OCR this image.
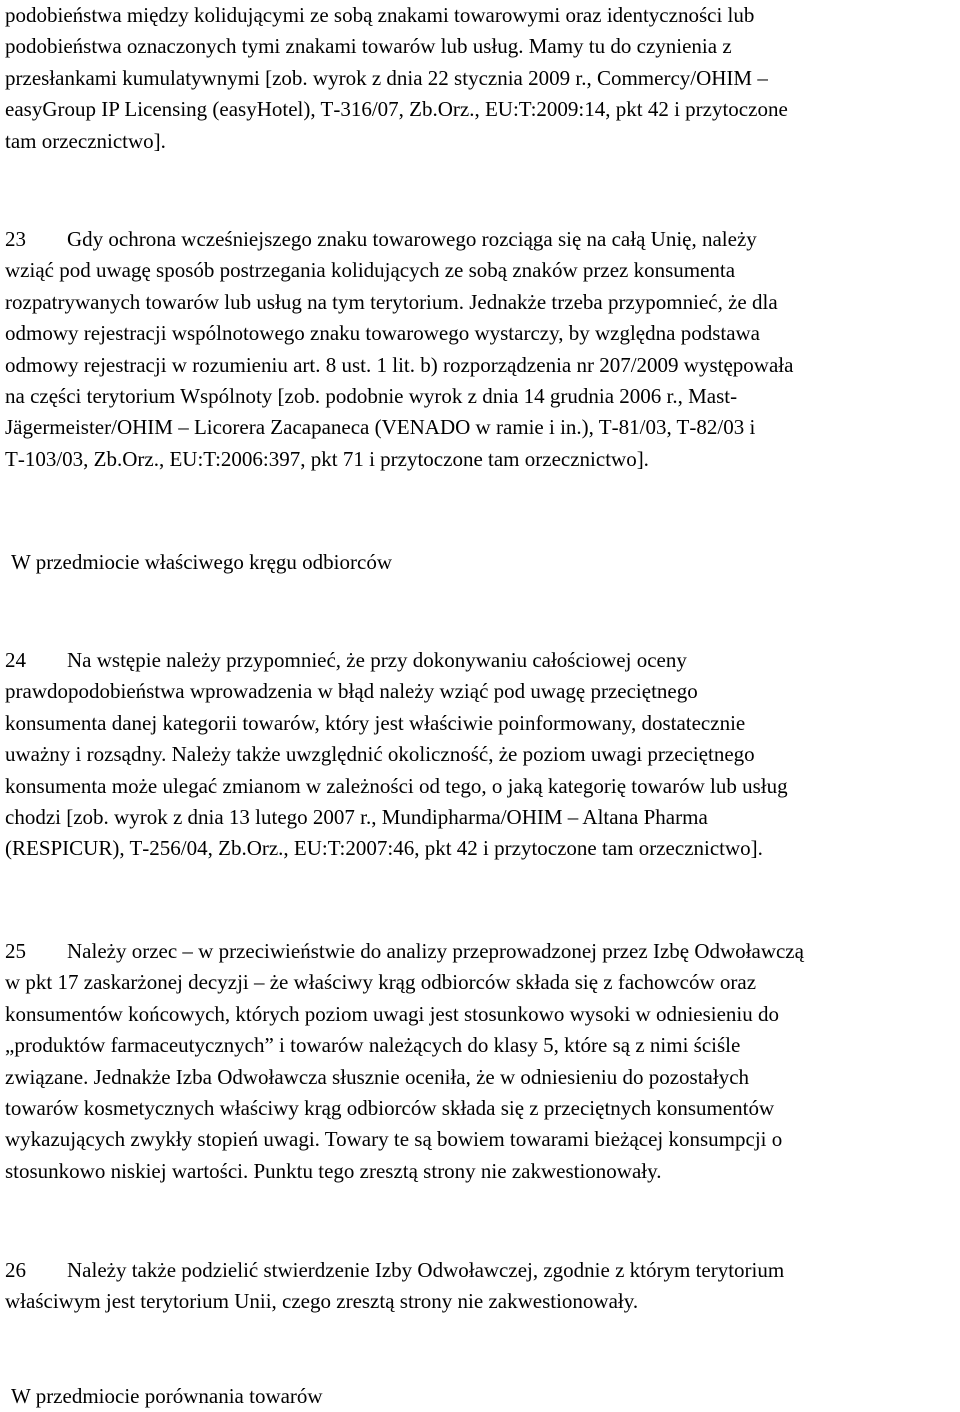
podobieństwa między kolidującymi ze sobą znakami towarowymi oraz identyczności lub
podobieństwa oznaczonych tymi znakami towarów lub usług. Mamy tu do czynienia z
przesłankami kumulatywnymi [zob. wyrok z dnia 22 stycznia 2009 r., Commercy/OHIM –
easyGroup IP Licensing (easyHotel), T‑316/07, Zb.Orz., EU:T:2009:14, pkt 42 i przytoczone
tam orzecznictwo].
23 Gdy ochrona wcześniejszego znaku towarowego rozciąga się na całą Unię, należy
wziąć pod uwagę sposób postrzegania kolidujących ze sobą znaków przez konsumenta
rozpatrywanych towarów lub usług na tym terytorium. Jednakże trzeba przypomnieć, że dla
odmowy rejestracji wspólnotowego znaku towarowego wystarczy, by względna podstawa
odmowy rejestracji w rozumieniu art. 8 ust. 1 lit. b) rozporządzenia nr 207/2009 występowała
na części terytorium Wspólnoty [zob. podobnie wyrok z dnia 14 grudnia 2006 r., Mast-
Jägermeister/OHIM – Licorera Zacapaneca (VENADO w ramie i in.), T‑81/03, T‑82/03 i
T‑103/03, Zb.Orz., EU:T:2006:397, pkt 71 i przytoczone tam orzecznictwo].
W przedmiocie właściwego kręgu odbiorców
24 Na wstępie należy przypomnieć, że przy dokonywaniu całościowej oceny
prawdopodobieństwa wprowadzenia w błąd należy wziąć pod uwagę przeciętnego
konsumenta danej kategorii towarów, który jest właściwie poinformowany, dostatecznie
uważny i rozsądny. Należy także uwzględnić okoliczność, że poziom uwagi przeciętnego
konsumenta może ulegać zmianom w zależności od tego, o jaką kategorię towarów lub usług
chodzi [zob. wyrok z dnia 13 lutego 2007 r., Mundipharma/OHIM – Altana Pharma
(RESPICUR), T‑256/04, Zb.Orz., EU:T:2007:46, pkt 42 i przytoczone tam orzecznictwo].
25 Należy orzec – w przeciwieństwie do analizy przeprowadzonej przez Izbę Odwoławczą
w pkt 17 zaskarżonej decyzji – że właściwy krąg odbiorców składa się z fachowców oraz
konsumentów końcowych, których poziom uwagi jest stosunkowo wysoki w odniesieniu do
„produktów farmaceutycznych” i towarów należących do klasy 5, które są z nimi ściśle
związane. Jednakże Izba Odwoławcza słusznie oceniła, że w odniesieniu do pozostałych
towarów kosmetycznych właściwy krąg odbiorców składa się z przeciętnych konsumentów
wykazujących zwykły stopień uwagi. Towary te są bowiem towarami bieżącej konsumpcji o
stosunkowo niskiej wartości. Punktu tego zresztą strony nie zakwestionowały.
26 Należy także podzielić stwierdzenie Izby Odwoławczej, zgodnie z którym terytorium
właściwym jest terytorium Unii, czego zresztą strony nie zakwestionowały.
W przedmiocie porównania towarów
